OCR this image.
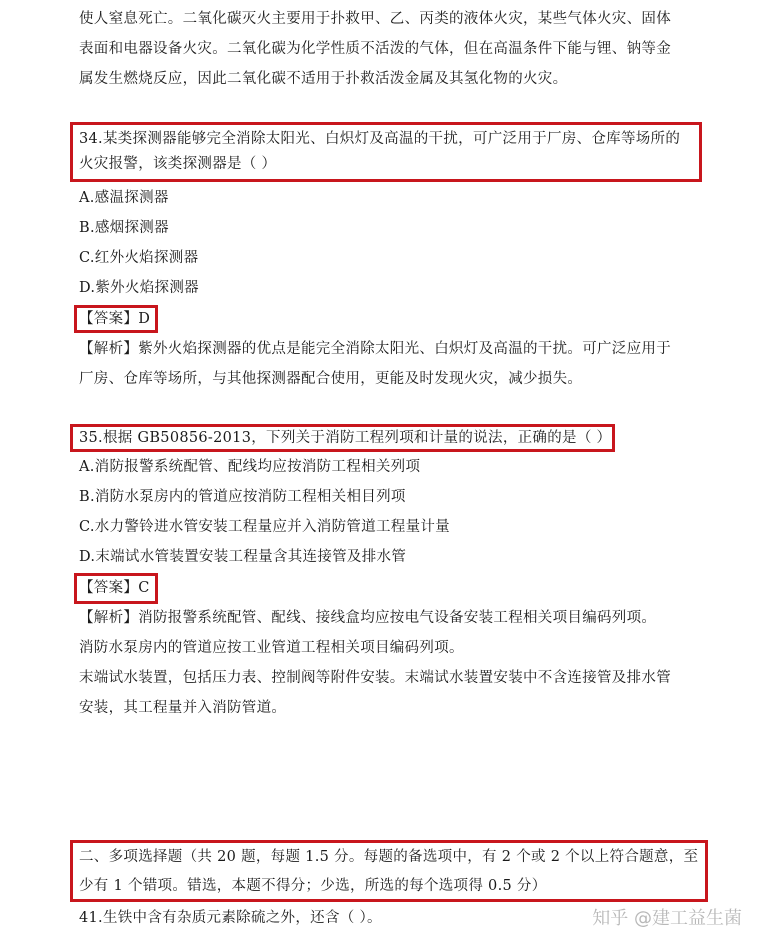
使人窒息死亡。二氧化碳灭火主要用于扑救甲、乙、丙类的液体火灾，某些气体火灾、固体
表面和电器设备火灾。二氧化碳为化学性质不活泼的气体，但在高温条件下能与锂、钠等金
属发生燃烧反应，因此二氧化碳不适用于扑救活泼金属及其氢化物的火灾。
34.某类探测器能够完全消除太阳光、白炽灯及高温的干扰，可广泛用于厂房、仓库等场所的
火灾报警，该类探测器是（ ）
A.感温探测器
B.感烟探测器
C.红外火焰探测器
D.紫外火焰探测器
【答案】D
【解析】紫外火焰探测器的优点是能完全消除太阳光、白炽灯及高温的干扰。可广泛应用于
厂房、仓库等场所，与其他探测器配合使用，更能及时发现火灾，减少损失。
35.根据 GB50856-2013，下列关于消防工程列项和计量的说法，正确的是（ ）
A.消防报警系统配管、配线均应按消防工程相关列项
B.消防水泵房内的管道应按消防工程相关相目列项
C.水力警铃进水管安装工程量应并入消防管道工程量计量
D.末端试水管装置安装工程量含其连接管及排水管
【答案】C
【解析】消防报警系统配管、配线、接线盒均应按电气设备安装工程相关项目编码列项。
消防水泵房内的管道应按工业管道工程相关项目编码列项。
末端试水装置，包括压力表、控制阀等附件安装。末端试水装置安装中不含连接管及排水管
安装，其工程量并入消防管道。
二、多项选择题（共 20 题，每题 1.5 分。每题的备选项中，有 2 个或 2 个以上符合题意，至
少有 1 个错项。错选，本题不得分；少选，所选的每个选项得 0.5 分）
41.生铁中含有杂质元素除硫之外，还含（ ）。	知乎 @建工益生菌
